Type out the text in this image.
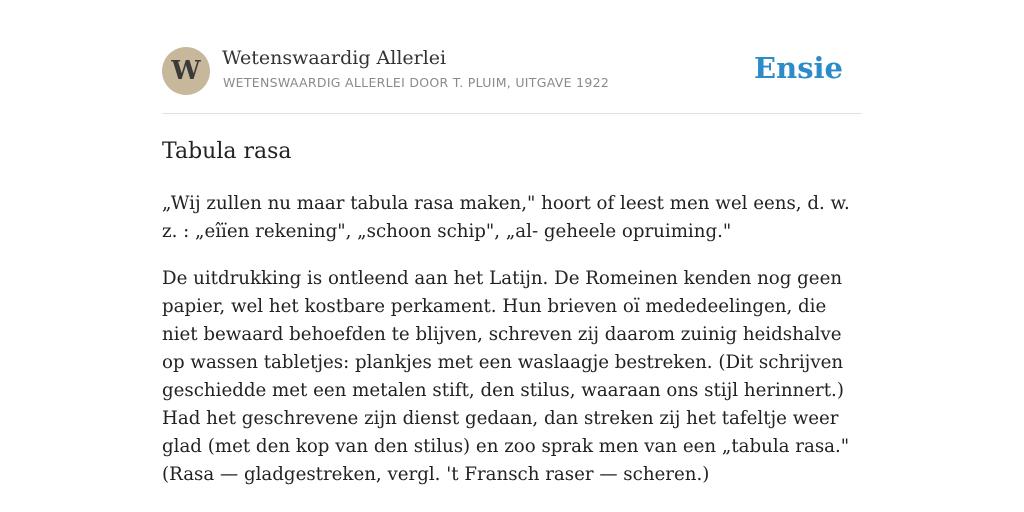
W	Wetenswaardig Allerlei
WETENSWAARDIG ALLERLEI DOOR T. PLUIM, UITGAVE 1922	Ensie
Tabula rasa

„Wij zullen nu maar tabula rasa maken," hoort of leest men wel eens, d. w. z. : „eîïen rekening", „schoon schip", „al- geheele opruiming."

De uitdrukking is ontleend aan het Latijn. De Romeinen kenden nog geen papier, wel het kostbare perkament. Hun brieven oï mededeelingen, die niet bewaard behoefden te blijven, schreven zij daarom zuinig heidshalve op wassen tabletjes: plankjes met een waslaagje bestreken. (Dit schrijven geschiedde met een metalen stift, den stilus, waaraan ons stijl herinnert.) Had het geschrevene zijn dienst gedaan, dan streken zij het tafeltje weer glad (met den kop van den stilus) en zoo sprak men van een „tabula rasa." (Rasa — gladgestreken, vergl. 't Fransch raser — scheren.)
